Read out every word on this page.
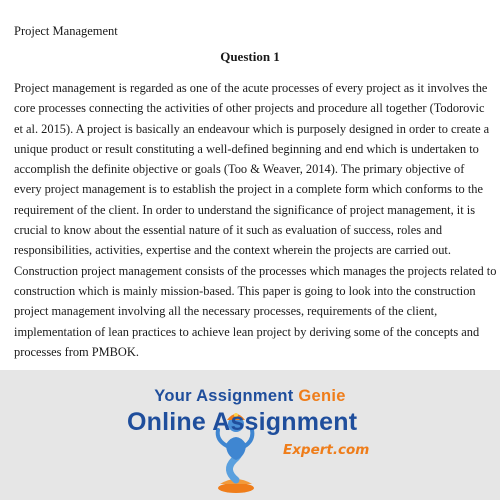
Project Management
Question 1
Project management is regarded as one of the acute processes of every project as it involves the
core processes connecting the activities of other projects and procedure all together (Todorovic
et al. 2015). A project is basically an endeavour which is purposely designed in order to create a
unique product or result constituting a well-defined beginning and end which is undertaken to
accomplish the definite objective or goals (Too & Weaver, 2014). The primary objective of
every project management is to establish the project in a complete form which conforms to the
requirement of the client. In order to understand the significance of project management, it is
crucial to know about the essential nature of it such as evaluation of success, roles and
responsibilities, activities, expertise and the context wherein the projects are carried out.
Construction project management consists of the processes which manages the projects related to
construction which is mainly mission-based. This paper is going to look into the construction
project management involving all the necessary processes, requirements of the client,
implementation of lean practices to achieve lean project by deriving some of the concepts and
processes from PMBOK.
Your Assignment Genie
Online Assignment
Expert.com
